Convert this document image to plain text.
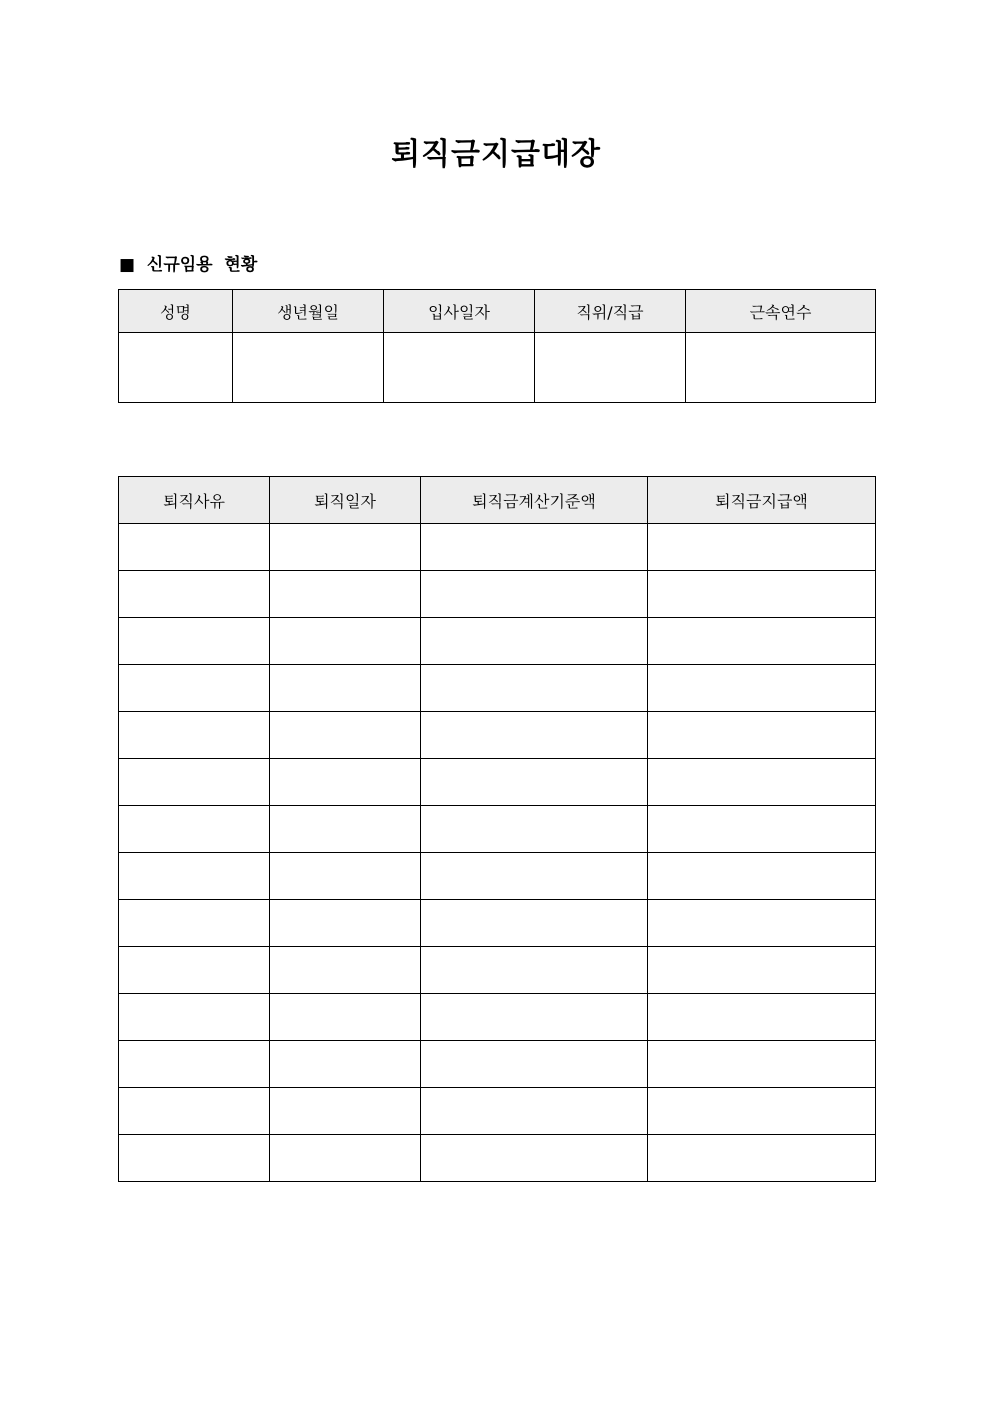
퇴직금지급대장
■  신규임용  현황
성명	생년월일	입사일자	직위/직급	근속연수

퇴직사유	퇴직일자	퇴직금계산기준액	퇴직금지급액
